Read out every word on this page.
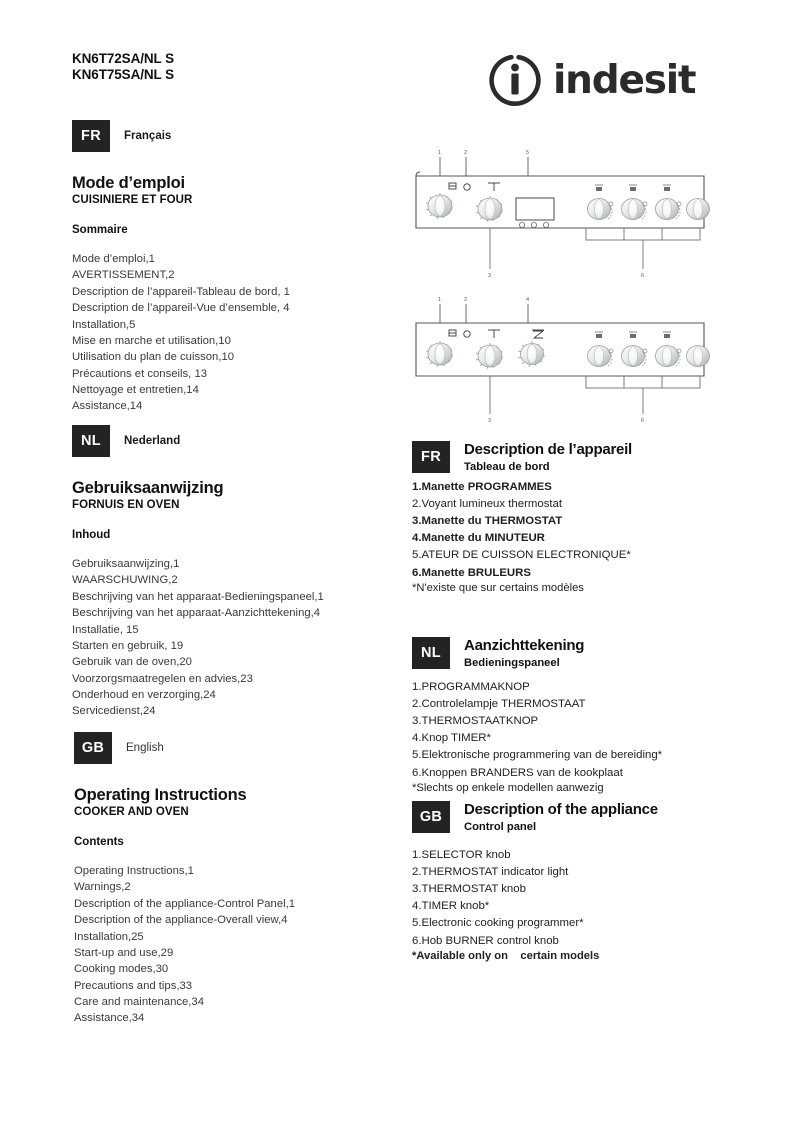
KN6T72SA/NL S
KN6T75SA/NL S
FR	Français
Mode d’emploi
CUISINIERE ET FOUR
Sommaire
Mode d’emploi,1
AVERTISSEMENT,2
Description de l’appareil-Tableau de bord, 1
Description de l’appareil-Vue d’ensemble, 4
Installation,5
Mise en marche et utilisation,10
Utilisation du plan de cuisson,10
Précautions et conseils, 13
Nettoyage et entretien,14
Assistance,14
NL	Nederland
Gebruiksaanwijzing
FORNUIS EN OVEN
Inhoud
Gebruiksaanwijzing,1
WAARSCHUWING,2
Beschrijving van het apparaat-Bedieningspaneel,1
Beschrijving van het apparaat-Aanzichttekening,4
Installatie, 15
Starten en gebruik, 19
Gebruik van de oven,20
Voorzorgsmaatregelen en advies,23
Onderhoud en verzorging,24
Servicedienst,24
GB	English
Operating Instructions
COOKER AND OVEN
Contents
Operating Instructions,1
Warnings,2
Description of the appliance-Control Panel,1
Description of the appliance-Overall view,4
Installation,25
Start-up and use,29
Cooking modes,30
Precautions and tips,33
Care and maintenance,34
Assistance,34
indesit
1	2	5
3	6
1	2	4
3	6
FR	Description de l’appareil
Tableau de bord
1.Manette PROGRAMMES
2.Voyant lumineux thermostat
3.Manette du THERMOSTAT
4.Manette du MINUTEUR
5.ATEUR DE CUISSON ELECTRONIQUE*
6.Manette BRULEURS
*N'existe que sur certains modèles
NL	Aanzichttekening
Bedieningspaneel
1.PROGRAMMAKNOP
2.Controlelampje THERMOSTAAT
3.THERMOSTAATKNOP
4.Knop TIMER*
5.Elektronische programmering van de bereiding*
6.Knoppen BRANDERS van de kookplaat
*Slechts op enkele modellen aanwezig
GB	Description of the appliance
Control panel
1.SELECTOR knob
2.THERMOSTAT indicator light
3.THERMOSTAT knob
4.TIMER knob*
5.Electronic cooking programmer*
6.Hob BURNER control knob
*Available only on    certain models
